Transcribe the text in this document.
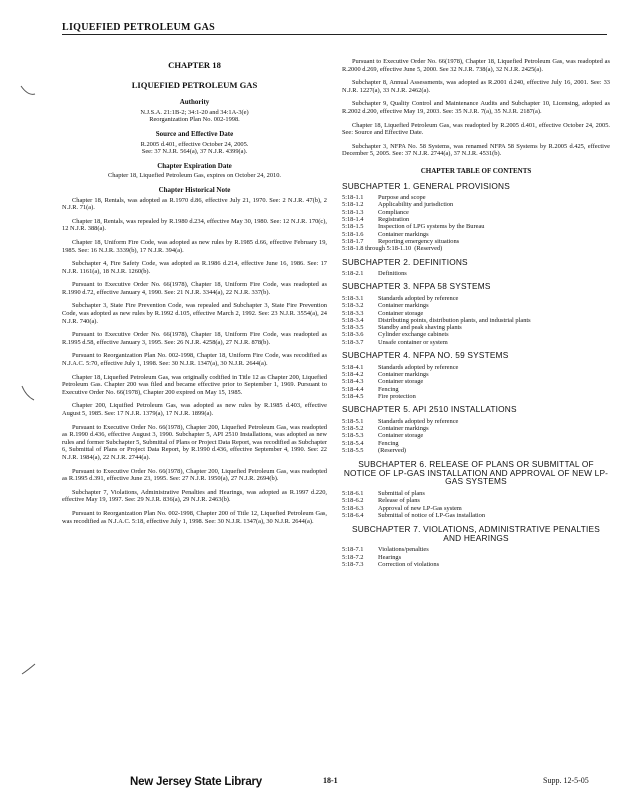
LIQUEFIED PETROLEUM GAS
CHAPTER 18
LIQUEFIED PETROLEUM GAS
Authority
N.J.S.A. 21:1B-2; 34:1-20 and 34:1A-3(e)
Reorganization Plan No. 002-1998.
Source and Effective Date
R.2005 d.401, effective October 24, 2005.
See: 37 N.J.R. 564(a), 37 N.J.R. 4399(a).
Chapter Expiration Date
Chapter 18, Liquefied Petroleum Gas, expires on October 24, 2010.
Chapter Historical Note

Chapter 18, Rentals, was adopted as R.1970 d.86, effective July 21, 1970. See: 2 N.J.R. 47(b), 2 N.J.R. 71(a).

Chapter 18, Rentals, was repealed by R.1980 d.234, effective May 30, 1980. See: 12 N.J.R. 170(c), 12 N.J.R. 388(a).

Chapter 18, Uniform Fire Code, was adopted as new rules by R.1985 d.66, effective February 19, 1985. See: 16 N.J.R. 3339(b), 17 N.J.R. 394(a).

Subchapter 4, Fire Safety Code, was adopted as R.1986 d.214, effective June 16, 1986. See: 17 N.J.R. 1161(a), 18 N.J.R. 1260(b).

Pursuant to Executive Order No. 66(1978), Chapter 18, Uniform Fire Code, was readopted as R.1990 d.72, effective January 4, 1990. See: 21 N.J.R. 3344(a), 22 N.J.R. 337(b).

Subchapter 3, State Fire Prevention Code, was repealed and Subchapter 3, State Fire Prevention Code, was adopted as new rules by R.1992 d.105, effective March 2, 1992. See: 23 N.J.R. 3554(a), 24 N.J.R. 740(a).

Pursuant to Executive Order No. 66(1978), Chapter 18, Uniform Fire Code, was readopted as R.1995 d.58, effective January 3, 1995. See: 26 N.J.R. 4258(a), 27 N.J.R. 878(b).

Pursuant to Reorganization Plan No. 002-1998, Chapter 18, Uniform Fire Code, was recodified as N.J.A.C. 5:70, effective July 1, 1998. See: 30 N.J.R. 1347(a), 30 N.J.R. 2644(a).

Chapter 18, Liquefied Petroleum Gas, was originally codified in Title 12 as Chapter 200, Liquefied Petroleum Gas. Chapter 200 was filed and became effective prior to September 1, 1969. Pursuant to Executive Order No. 66(1978), Chapter 200 expired on May 15, 1985.

Chapter 200, Liquified Petroleum Gas, was adopted as new rules by R.1985 d.403, effective August 5, 1985. See: 17 N.J.R. 1379(a), 17 N.J.R. 1899(a).

Pursuant to Executive Order No. 66(1978), Chapter 200, Liquefied Petroleum Gas, was readopted as R.1990 d.436, effective August 3, 1990. Subchapter 5, API 2510 Installations, was adopted as new rules and former Subchapter 5, Submittal of Plans or Project Data Report, was recodified as Subchapter 6, Submittal of Plans or Project Data Report, by R.1990 d.436, effective September 4, 1990. See: 22 N.J.R. 1984(a), 22 N.J.R. 2744(a).

Pursuant to Executive Order No. 66(1978), Chapter 200, Liquefied Petroleum Gas, was readopted as R.1995 d.391, effective June 23, 1995. See: 27 N.J.R. 1950(a), 27 N.J.R. 2694(b).

Subchapter 7, Violations, Administrative Penalties and Hearings, was adopted as R.1997 d.220, effective May 19, 1997. See: 29 N.J.R. 836(a), 29 N.J.R. 2463(b).

Pursuant to Reorganization Plan No. 002-1998, Chapter 200 of Title 12, Liquefied Petroleum Gas, was recodified as N.J.A.C. 5:18, effective July 1, 1998. See: 30 N.J.R. 1347(a), 30 N.J.R. 2644(a).

Pursuant to Executive Order No. 66(1978), Chapter 18, Liquefied Petroleum Gas, was readopted as R.2000 d.269, effective June 5, 2000. See 32 N.J.R. 738(a), 32 N.J.R. 2425(a).

Subchapter 8, Annual Assessments, was adopted as R.2001 d.240, effective July 16, 2001. See: 33 N.J.R. 1227(a), 33 N.J.R. 2462(a).

Subchapter 9, Quality Control and Maintenance Audits and Subchapter 10, Licensing, adopted as R.2002 d.200, effective May 19, 2003. See: 35 N.J.R. 7(a), 35 N.J.R. 2187(a).

Chapter 18, Liquefied Petroleum Gas, was readopted by R.2005 d.401, effective October 24, 2005. See: Source and Effective Date.

Subchapter 3, NFPA No. 58 Systems, was renamed NFPA 58 Systems by R.2005 d.425, effective December 5, 2005. See: 37 N.J.R. 2744(a), 37 N.J.R. 4531(b).

CHAPTER TABLE OF CONTENTS
SUBCHAPTER 1. GENERAL PROVISIONS
5:18-1.1	Purpose and scope
5:18-1.2	Applicability and jurisdiction
5:18-1.3	Compliance
5:18-1.4	Registration
5:18-1.5	Inspection of LPG systems by the Bureau
5:18-1.6	Container markings
5:18-1.7	Reporting emergency situations
5:18-1.8 through 5:18-1.10 (Reserved)
SUBCHAPTER 2. DEFINITIONS
5:18-2.1	Definitions
SUBCHAPTER 3. NFPA 58 SYSTEMS
5:18-3.1	Standards adopted by reference
5:18-3.2	Container markings
5:18-3.3	Container storage
5:18-3.4	Distributing points, distribution plants, and industrial plants
5:18-3.5	Standby and peak shaving plants
5:18-3.6	Cylinder exchange cabinets
5:18-3.7	Unsafe container or system
SUBCHAPTER 4. NFPA NO. 59 SYSTEMS
5:18-4.1	Standards adopted by reference
5:18-4.2	Container markings
5:18-4.3	Container storage
5:18-4.4	Fencing
5:18-4.5	Fire protection
SUBCHAPTER 5. API 2510 INSTALLATIONS
5:18-5.1	Standards adopted by reference
5:18-5.2	Container markings
5:18-5.3	Container storage
5:18-5.4	Fencing
5:18-5.5	(Reserved)
SUBCHAPTER 6. RELEASE OF PLANS OR SUBMITTAL OF NOTICE OF LP-GAS INSTALLATION AND APPROVAL OF NEW LP-GAS SYSTEMS
5:18-6.1	Submittal of plans
5:18-6.2	Release of plans
5:18-6.3	Approval of new LP-Gas system
5:18-6.4	Submittal of notice of LP-Gas installation
SUBCHAPTER 7. VIOLATIONS, ADMINISTRATIVE PENALTIES AND HEARINGS
5:18-7.1	Violations/penalties
5:18-7.2	Hearings
5:18-7.3	Correction of violations
New Jersey State Library	18-1	Supp. 12-5-05
